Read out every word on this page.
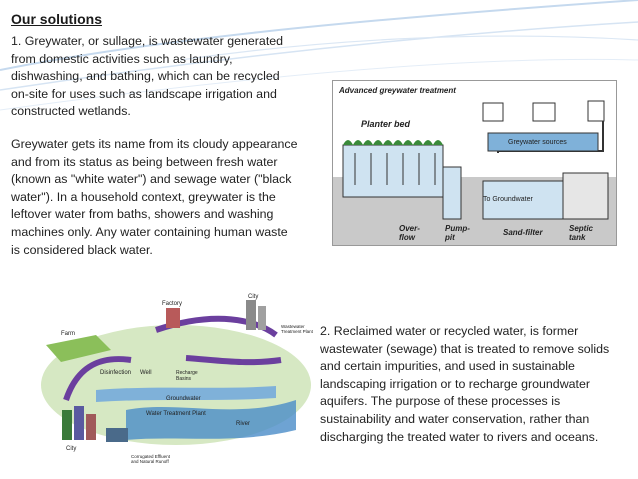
Our solutions
1. Greywater, or sullage, is wastewater generated
from domestic activities such as laundry,
dishwashing, and bathing, which can be recycled
on-site for uses such as landscape irrigation and
constructed wetlands.
Greywater gets its name from its cloudy appearance
and from its status as being between fresh water
(known as "white water") and sewage water ("black
water"). In a household context, greywater is the
leftover water from baths, showers and washing
machines only. Any water containing human waste
is considered black water.
Advanced greywater treatment
Planter bed
Greywater sources
To Groundwater
Over-flow
Pump-pit
Sand-filter	Septic tank
Farm
Factory
City
Wastewater Treatment Plant
Disinfection Well	Recharge Basins
Groundwater
Water Treatment Plant
City
River
Corrugated Effluent and Natural Runoff
2. Reclaimed water or recycled water, is former
wastewater (sewage) that is treated to remove solids
and certain impurities, and used in sustainable
landscaping irrigation or to recharge groundwater
aquifers. The purpose of these processes is
sustainability and water conservation, rather than
discharging the treated water to rivers and oceans.
